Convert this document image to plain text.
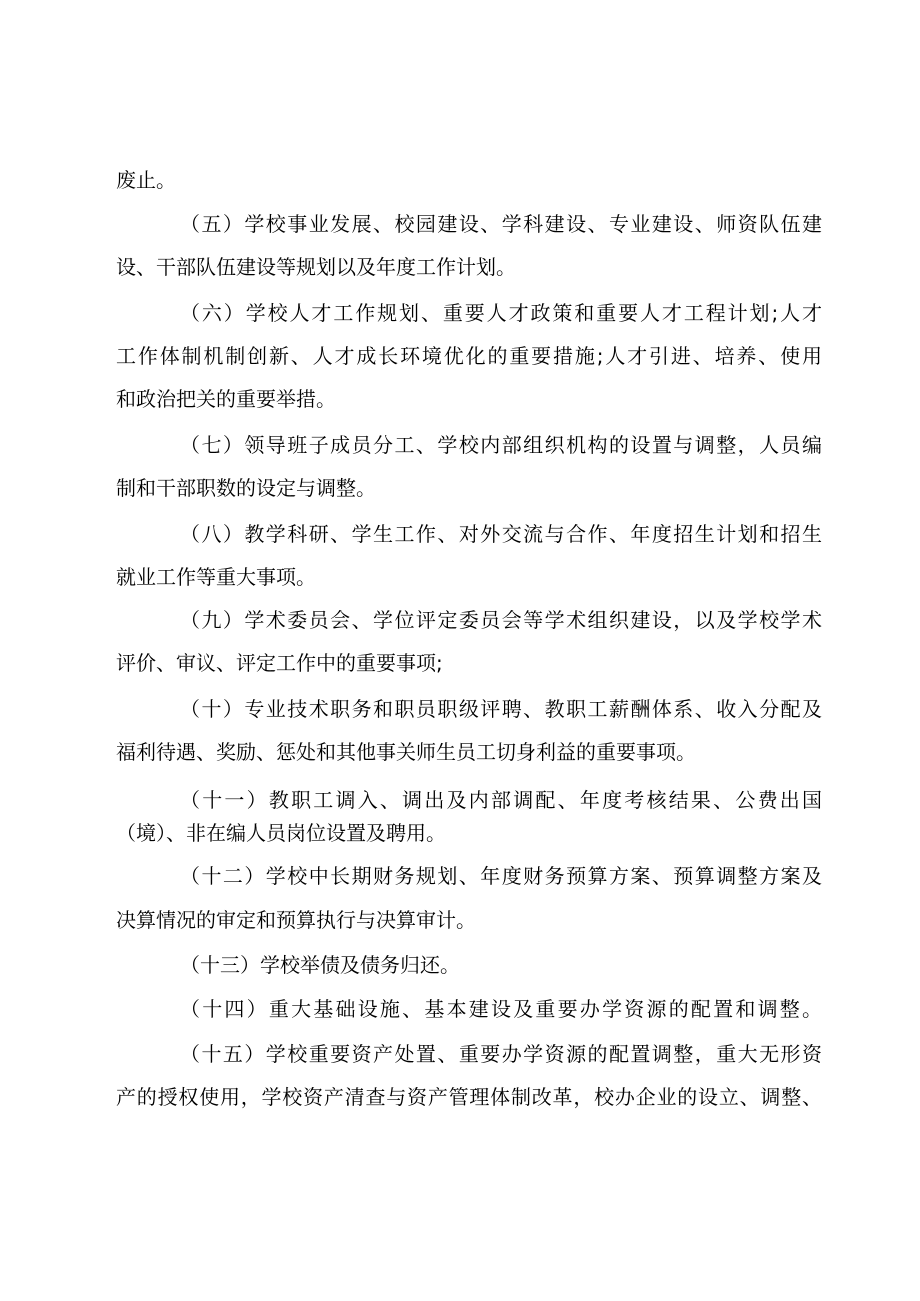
废止。
（五）学校事业发展、校园建设、学科建设、专业建设、师资队伍建
设、干部队伍建设等规划以及年度工作计划。
（六）学校人才工作规划、重要人才政策和重要人才工程计划;人才
工作体制机制创新、人才成长环境优化的重要措施;人才引进、培养、使用
和政治把关的重要举措。
（七）领导班子成员分工、学校内部组织机构的设置与调整，人员编
制和干部职数的设定与调整。
（八）教学科研、学生工作、对外交流与合作、年度招生计划和招生
就业工作等重大事项。
（九）学术委员会、学位评定委员会等学术组织建设，以及学校学术
评价、审议、评定工作中的重要事项;
（十）专业技术职务和职员职级评聘、教职工薪酬体系、收入分配及
福利待遇、奖励、惩处和其他事关师生员工切身利益的重要事项。
（十一）教职工调入、调出及内部调配、年度考核结果、公费出国
（境）、非在编人员岗位设置及聘用。
（十二）学校中长期财务规划、年度财务预算方案、预算调整方案及
决算情况的审定和预算执行与决算审计。
（十三）学校举债及债务归还。
（十四）重大基础设施、基本建设及重要办学资源的配置和调整。
（十五）学校重要资产处置、重要办学资源的配置调整，重大无形资
产的授权使用，学校资产清查与资产管理体制改革，校办企业的设立、调整、
